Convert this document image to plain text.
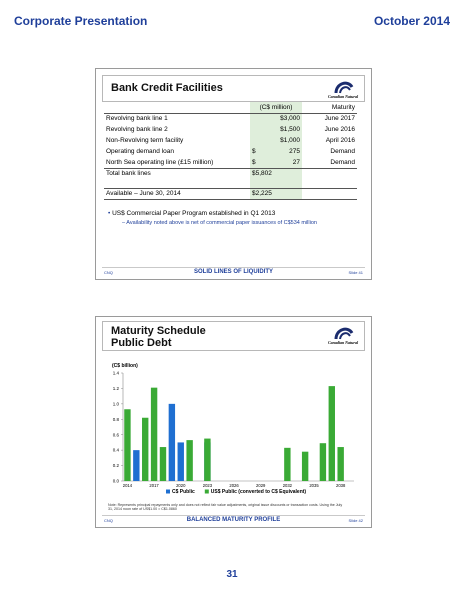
Corporate Presentation	October 2014
Bank Credit Facilities
Canadian Natural
	(C$ million)	Maturity
Revolving bank line 1	$3,000	June 2017
Revolving bank line 2	$1,500	June 2016
Non-Revolving term facility	$1,000	April 2016
Operating demand loan	$ 275	Demand
North Sea operating line (£15 million)	$ 27	Demand
Total bank lines	$5,802	

Available – June 30, 2014	$2,225	
• US$ Commercial Paper Program established in Q1 2013
– Availability noted above is net of commercial paper issuances of C$534 million
CNQ	SOLID LINES OF LIQUIDITY	Slide 41
Maturity Schedule
Public Debt	Canadian Natural
(C$ billion)
0.0
0.2
0.4
0.6
0.8
1.0
1.2
1.4
2014	2017	2020	2023	2026	2029	2032	2035	2038
C$ Public	US$ Public (converted to C$ Equivalent)
Note: Represents principal repayments only and does not reflect fair value adjustments, original issue discounts or transaction costs. Using the July 31, 2014 noon rate of US$1.00 = C$1.0860
CNQ	BALANCED MATURITY PROFILE	Slide 42
31
